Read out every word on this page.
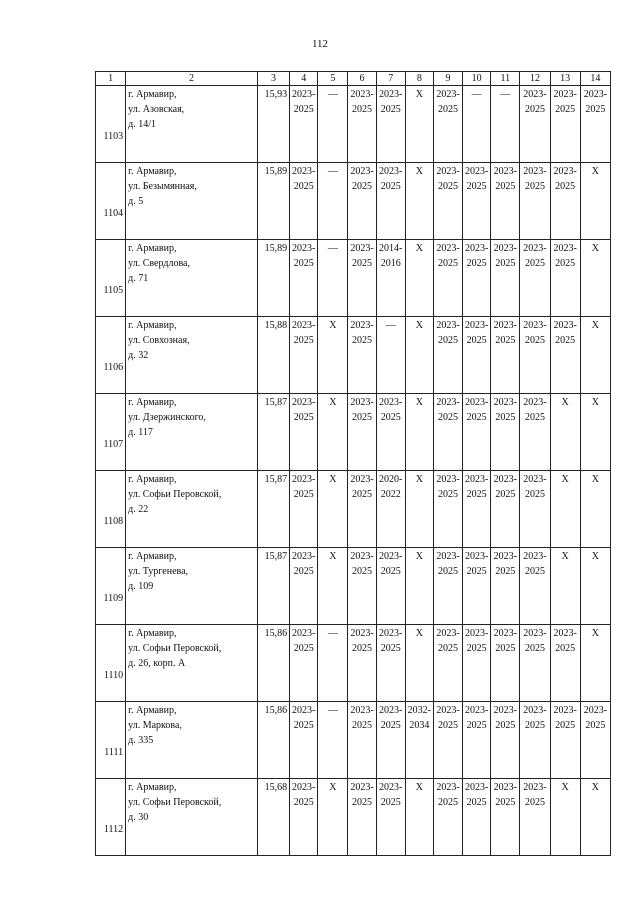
112
1	2	3	4	5	6	7	8	9	10	11	12	13	14
1103	г. Армавир,
ул. Азовская,
д. 14/1	15,93	2023-
2025	—	2023-
2025	2023-
2025	Х	2023-
2025	—	—	2023-
2025	2023-
2025	2023-
2025

1104	г. Армавир,
ул. Безымянная,
д. 5	15,89	2023-
2025	—	2023-
2025	2023-
2025	Х	2023-
2025	2023-
2025	2023-
2025	2023-
2025	2023-
2025	Х

1105	г. Армавир,
ул. Свердлова,
д. 71	15,89	2023-
2025	—	2023-
2025	2014-
2016	Х	2023-
2025	2023-
2025	2023-
2025	2023-
2025	2023-
2025	Х

1106	г. Армавир,
ул. Совхозная,
д. 32	15,88	2023-
2025	Х	2023-
2025	—	Х	2023-
2025	2023-
2025	2023-
2025	2023-
2025	2023-
2025	Х

1107	г. Армавир,
ул. Дзержинского,
д. 117	15,87	2023-
2025	Х	2023-
2025	2023-
2025	Х	2023-
2025	2023-
2025	2023-
2025	2023-
2025	Х	Х

1108	г. Армавир,
ул. Софьи Перовской,
д. 22	15,87	2023-
2025	Х	2023-
2025	2020-
2022	Х	2023-
2025	2023-
2025	2023-
2025	2023-
2025	Х	Х

1109	г. Армавир,
ул. Тургенева,
д. 109	15,87	2023-
2025	Х	2023-
2025	2023-
2025	Х	2023-
2025	2023-
2025	2023-
2025	2023-
2025	Х	Х

1110	г. Армавир,
ул. Софьи Перовской,
д. 26, корп. А	15,86	2023-
2025	—	2023-
2025	2023-
2025	Х	2023-
2025	2023-
2025	2023-
2025	2023-
2025	2023-
2025	Х

1111	г. Армавир,
ул. Маркова,
д. 335	15,86	2023-
2025	—	2023-
2025	2023-
2025	2032-
2034	2023-
2025	2023-
2025	2023-
2025	2023-
2025	2023-
2025	2023-
2025

1112	г. Армавир,
ул. Софьи Перовской,
д. 30	15,68	2023-
2025	Х	2023-
2025	2023-
2025	Х	2023-
2025	2023-
2025	2023-
2025	2023-
2025	Х	Х
